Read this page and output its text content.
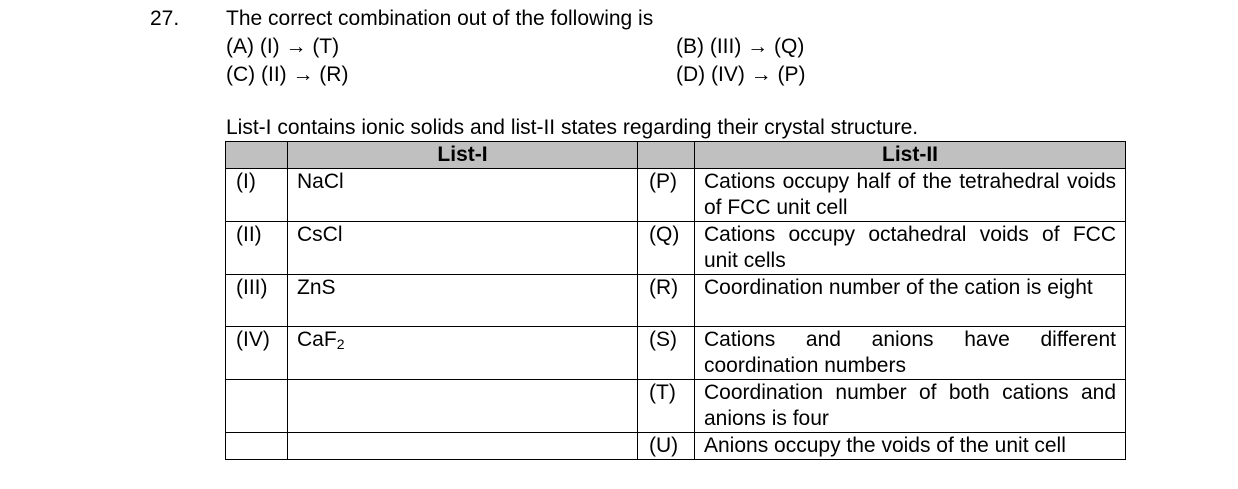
27. The correct combination out of the following is
(A) (I) → (T)	(B) (III) → (Q)
(C) (II) → (R)	(D) (IV) → (P)
List-I contains ionic solids and list-II states regarding their crystal structure.
	List-I		List-II
(I)	NaCl	(P)	Cations occupy half of the tetrahedral voids of FCC unit cell
(II)	CsCl	(Q)	Cations occupy octahedral voids of FCC unit cells
(III)	ZnS	(R)	Coordination number of the cation is eight
(IV)	CaF$_2$	(S)	Cations and anions have different coordination numbers
		(T)	Coordination number of both cations and anions is four
		(U)	Anions occupy the voids of the unit cell
